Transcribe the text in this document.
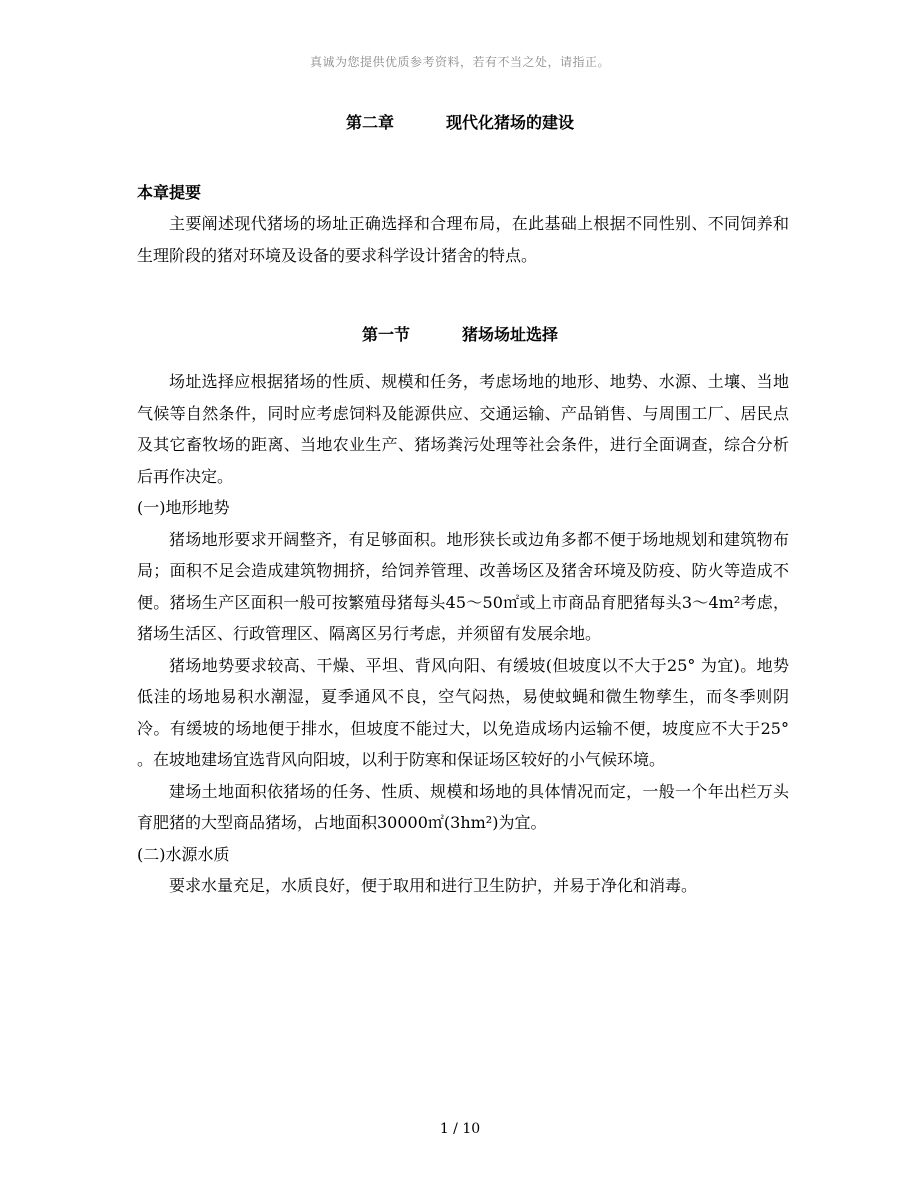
真诚为您提供优质参考资料，若有不当之处，请指正。
第二章	现代化猪场的建设
本章提要

主要阐述现代猪场的场址正确选择和合理布局，在此基础上根据不同性别、不同饲养和生理阶段的猪对环境及设备的要求科学设计猪舍的特点。

第一节	猪场场址选择

场址选择应根据猪场的性质、规模和任务，考虑场地的地形、地势、水源、土壤、当地气候等自然条件，同时应考虑饲料及能源供应、交通运输、产品销售、与周围工厂、居民点及其它畜牧场的距离、当地农业生产、猪场粪污处理等社会条件，进行全面调查，综合分析后再作决定。

(一)地形地势

猪场地形要求开阔整齐，有足够面积。地形狭长或边角多都不便于场地规划和建筑物布局；面积不足会造成建筑物拥挤，给饲养管理、改善场区及猪舍环境及防疫、防火等造成不便。猪场生产区面积一般可按繁殖母猪每头45～50㎡或上市商品育肥猪每头3～4m²考虑，猪场生活区、行政管理区、隔离区另行考虑，并须留有发展余地。

猪场地势要求较高、干燥、平坦、背风向阳、有缓坡(但坡度以不大于25° 为宜)。地势低洼的场地易积水潮湿，夏季通风不良，空气闷热，易使蚊蝇和微生物孳生，而冬季则阴冷。有缓坡的场地便于排水，但坡度不能过大，以免造成场内运输不便，坡度应不大于25° 。在坡地建场宜选背风向阳坡，以利于防寒和保证场区较好的小气候环境。

建场土地面积依猪场的任务、性质、规模和场地的具体情况而定，一般一个年出栏万头育肥猪的大型商品猪场，占地面积30000㎡(3hm²)为宜。

(二)水源水质

要求水量充足，水质良好，便于取用和进行卫生防护，并易于净化和消毒。

1 / 10
